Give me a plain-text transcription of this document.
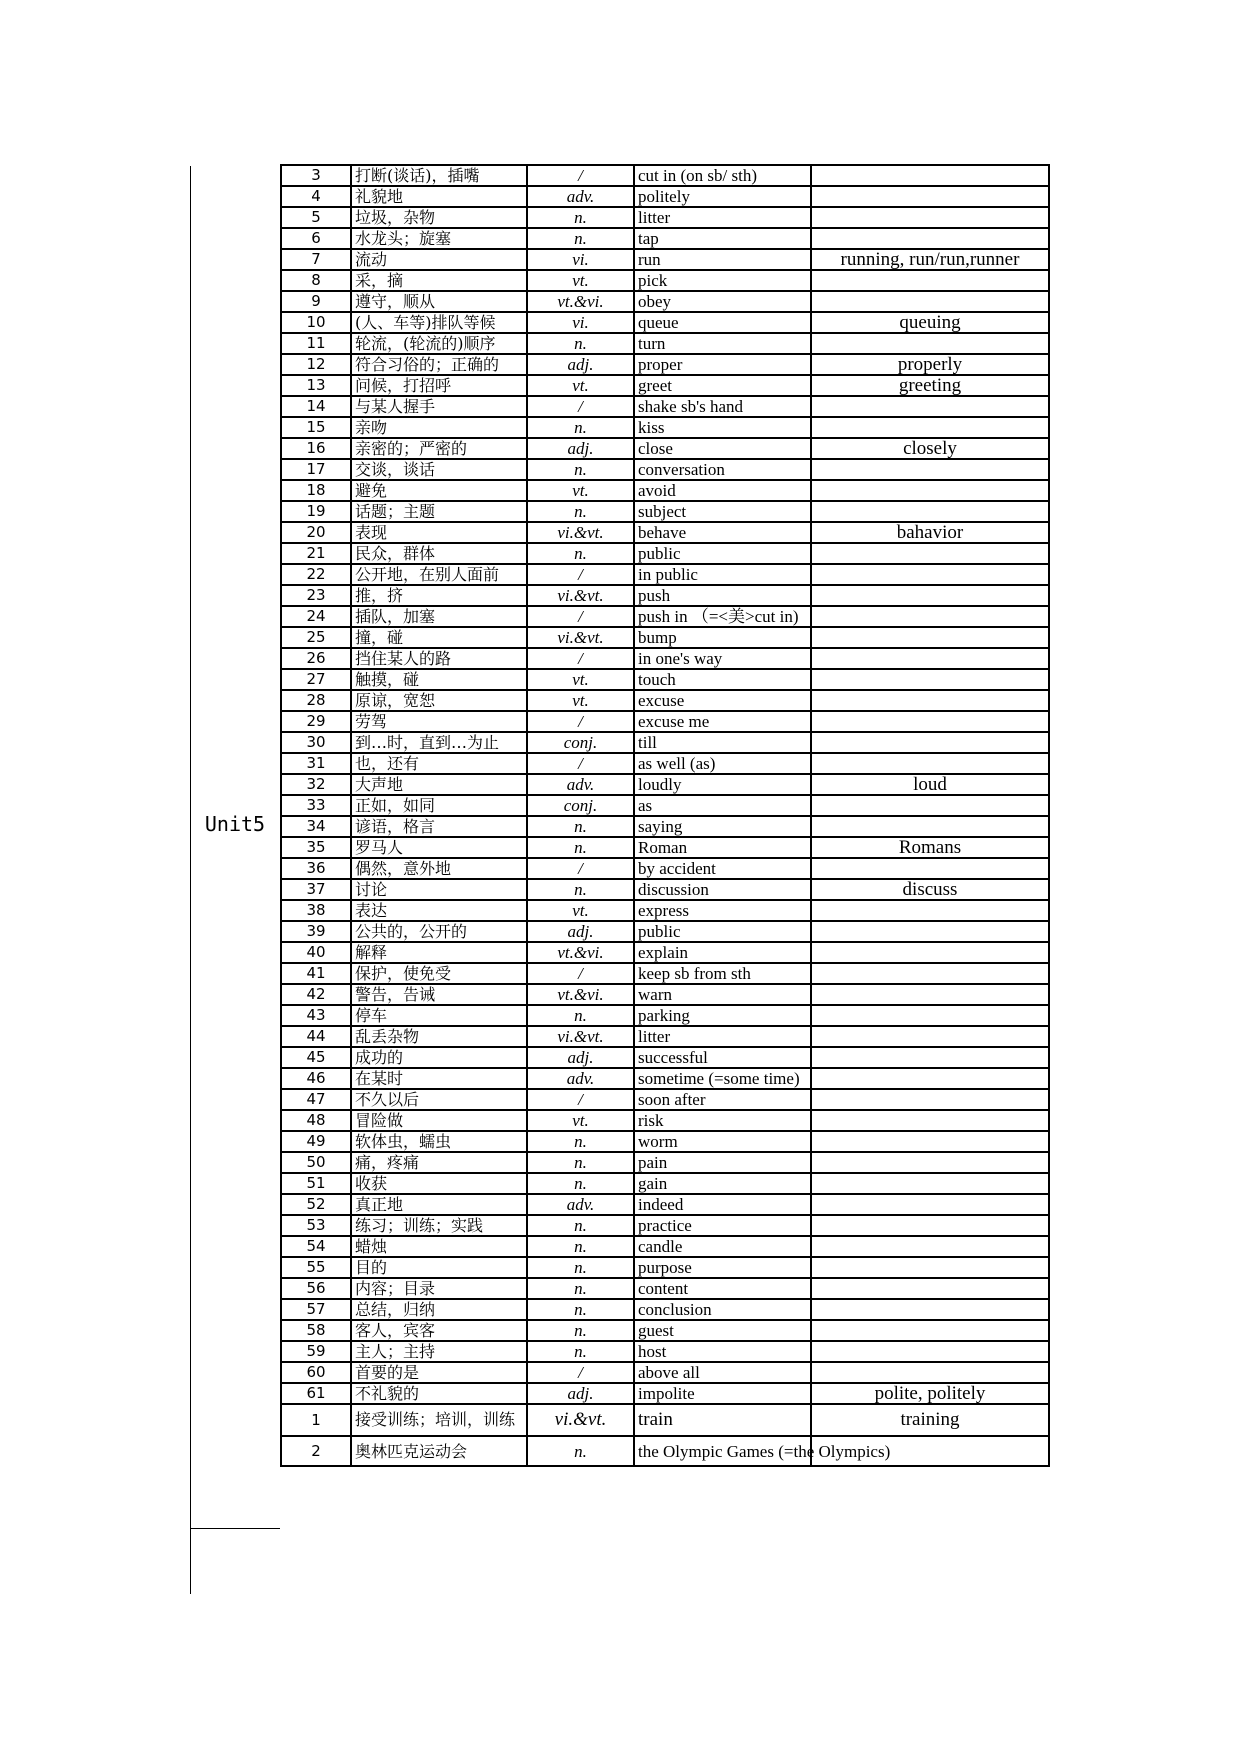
Unit5
3	打断(谈话)，插嘴	/	cut in (on sb/ sth)	
4	礼貌地	adv.	politely	
5	垃圾，杂物	n.	litter	
6	水龙头；旋塞	n.	tap	
7	流动	vi.	run	running, run/run,runner
8	采，摘	vt.	pick	
9	遵守，顺从	vt.&vi.	obey	
10	(人、车等)排队等候	vi.	queue	queuing
11	轮流，(轮流的)顺序	n.	turn	
12	符合习俗的；正确的	adj.	proper	properly
13	问候，打招呼	vt.	greet	greeting
14	与某人握手	/	shake sb's hand	
15	亲吻	n.	kiss	
16	亲密的；严密的	adj.	close	closely
17	交谈，谈话	n.	conversation	
18	避免	vt.	avoid	
19	话题；主题	n.	subject	
20	表现	vi.&vt.	behave	bahavior
21	民众，群体	n.	public	
22	公开地，在别人面前	/	in public	
23	推，挤	vi.&vt.	push	
24	插队，加塞	/	push in （=<美>cut in)	
25	撞，碰	vi.&vt.	bump	
26	挡住某人的路	/	in one's way	
27	触摸，碰	vt.	touch	
28	原谅，宽恕	vt.	excuse	
29	劳驾	/	excuse me	
30	到…时，直到…为止	conj.	till	
31	也，还有	/	as well (as)	
32	大声地	adv.	loudly	loud
33	正如，如同	conj.	as	
34	谚语，格言	n.	saying	
35	罗马人	n.	Roman	Romans
36	偶然，意外地	/	by accident	
37	讨论	n.	discussion	discuss
38	表达	vt.	express	
39	公共的，公开的	adj.	public	
40	解释	vt.&vi.	explain	
41	保护，使免受	/	keep sb from sth	
42	警告，告诫	vt.&vi.	warn	
43	停车	n.	parking	
44	乱丢杂物	vi.&vt.	litter	
45	成功的	adj.	successful	
46	在某时	adv.	sometime (=some time)	
47	不久以后	/	soon after	
48	冒险做	vt.	risk	
49	软体虫，蠕虫	n.	worm	
50	痛，疼痛	n.	pain	
51	收获	n.	gain	
52	真正地	adv.	indeed	
53	练习；训练；实践	n.	practice	
54	蜡烛	n.	candle	
55	目的	n.	purpose	
56	内容；目录	n.	content	
57	总结，归纳	n.	conclusion	
58	客人，宾客	n.	guest	
59	主人；主持	n.	host	
60	首要的是	/	above all	
61	不礼貌的	adj.	impolite	polite, politely
1	接受训练；培训，训练	vi.&vt.	train	training
2	奥林匹克运动会	n.	the Olympic Games (=the Olympics)	
